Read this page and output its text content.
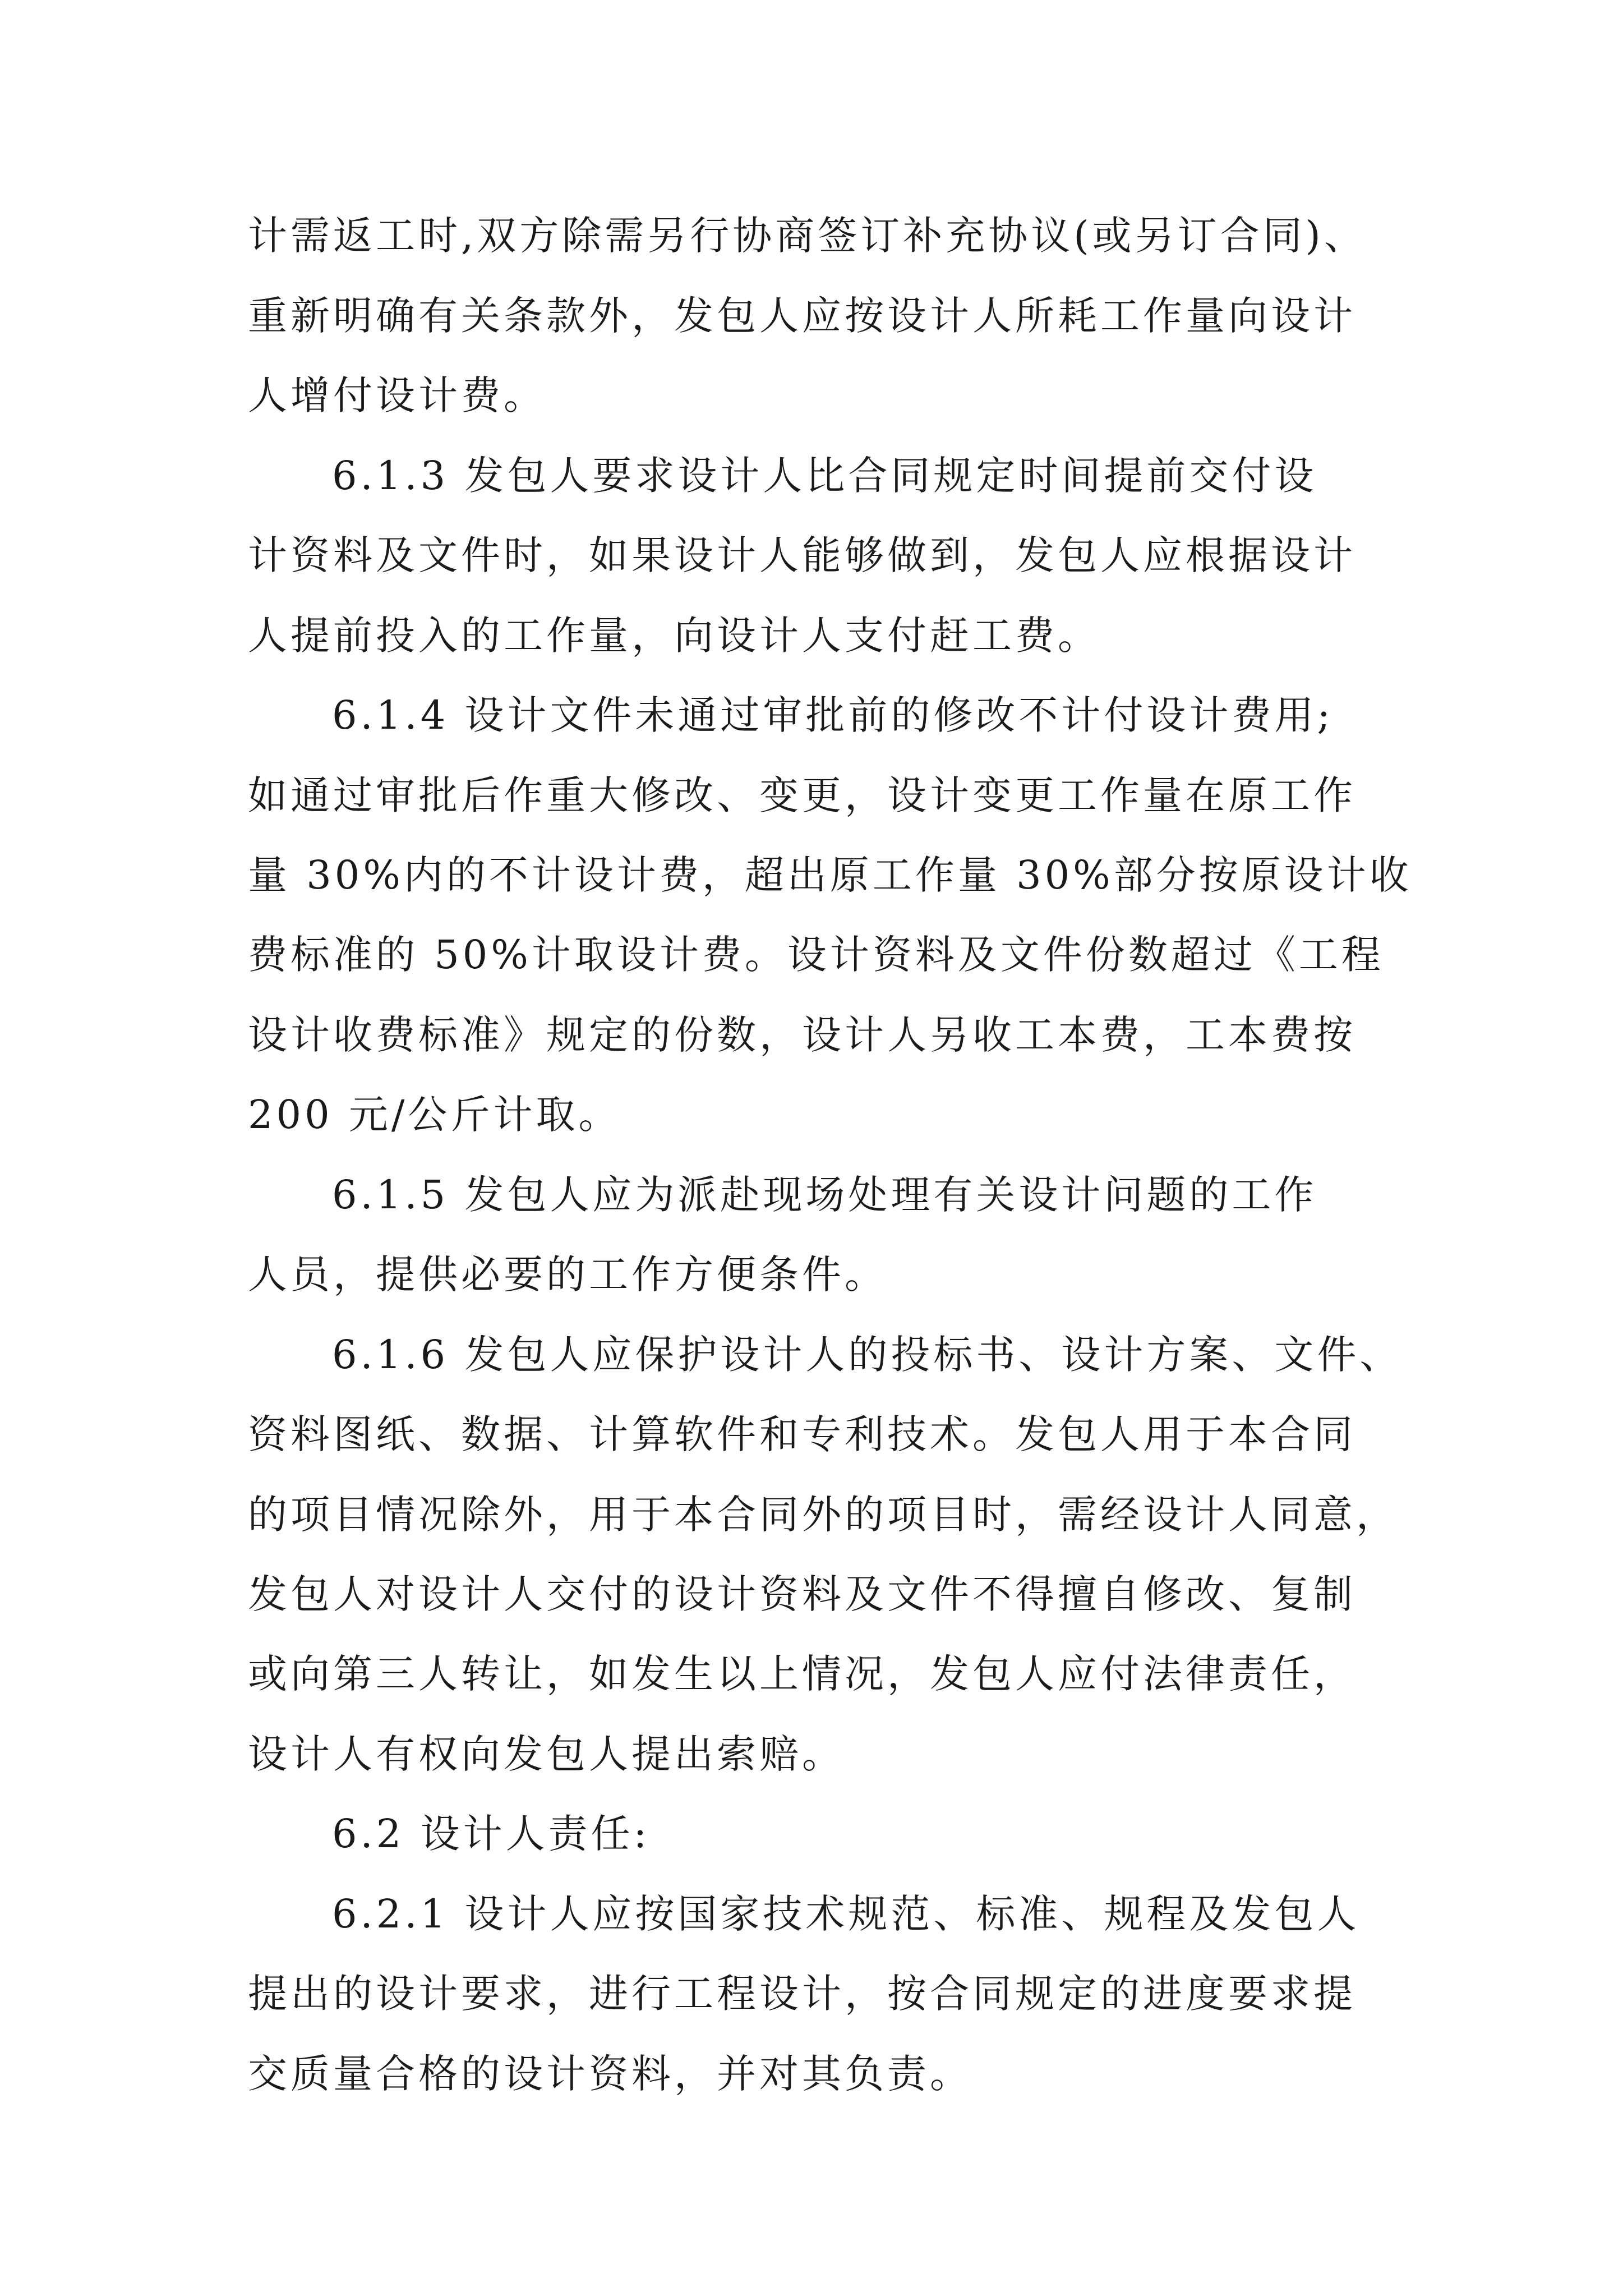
计需返工时,双方除需另行协商签订补充协议(或另订合同)、
重新明确有关条款外，发包人应按设计人所耗工作量向设计
人增付设计费。
6.1.3 发包人要求设计人比合同规定时间提前交付设
计资料及文件时，如果设计人能够做到，发包人应根据设计
人提前投入的工作量，向设计人支付赶工费。
6.1.4 设计文件未通过审批前的修改不计付设计费用;
如通过审批后作重大修改、变更，设计变更工作量在原工作
量 30%内的不计设计费，超出原工作量 30%部分按原设计收
费标准的 50%计取设计费。设计资料及文件份数超过《工程
设计收费标准》规定的份数，设计人另收工本费，工本费按
200 元/公斤计取。
6.1.5 发包人应为派赴现场处理有关设计问题的工作
人员，提供必要的工作方便条件。
6.1.6 发包人应保护设计人的投标书、设计方案、文件、
资料图纸、数据、计算软件和专利技术。发包人用于本合同
的项目情况除外，用于本合同外的项目时，需经设计人同意，
发包人对设计人交付的设计资料及文件不得擅自修改、复制
或向第三人转让，如发生以上情况，发包人应付法律责任，
设计人有权向发包人提出索赔。
6.2 设计人责任:
6.2.1 设计人应按国家技术规范、标准、规程及发包人
提出的设计要求，进行工程设计，按合同规定的进度要求提
交质量合格的设计资料，并对其负责。
